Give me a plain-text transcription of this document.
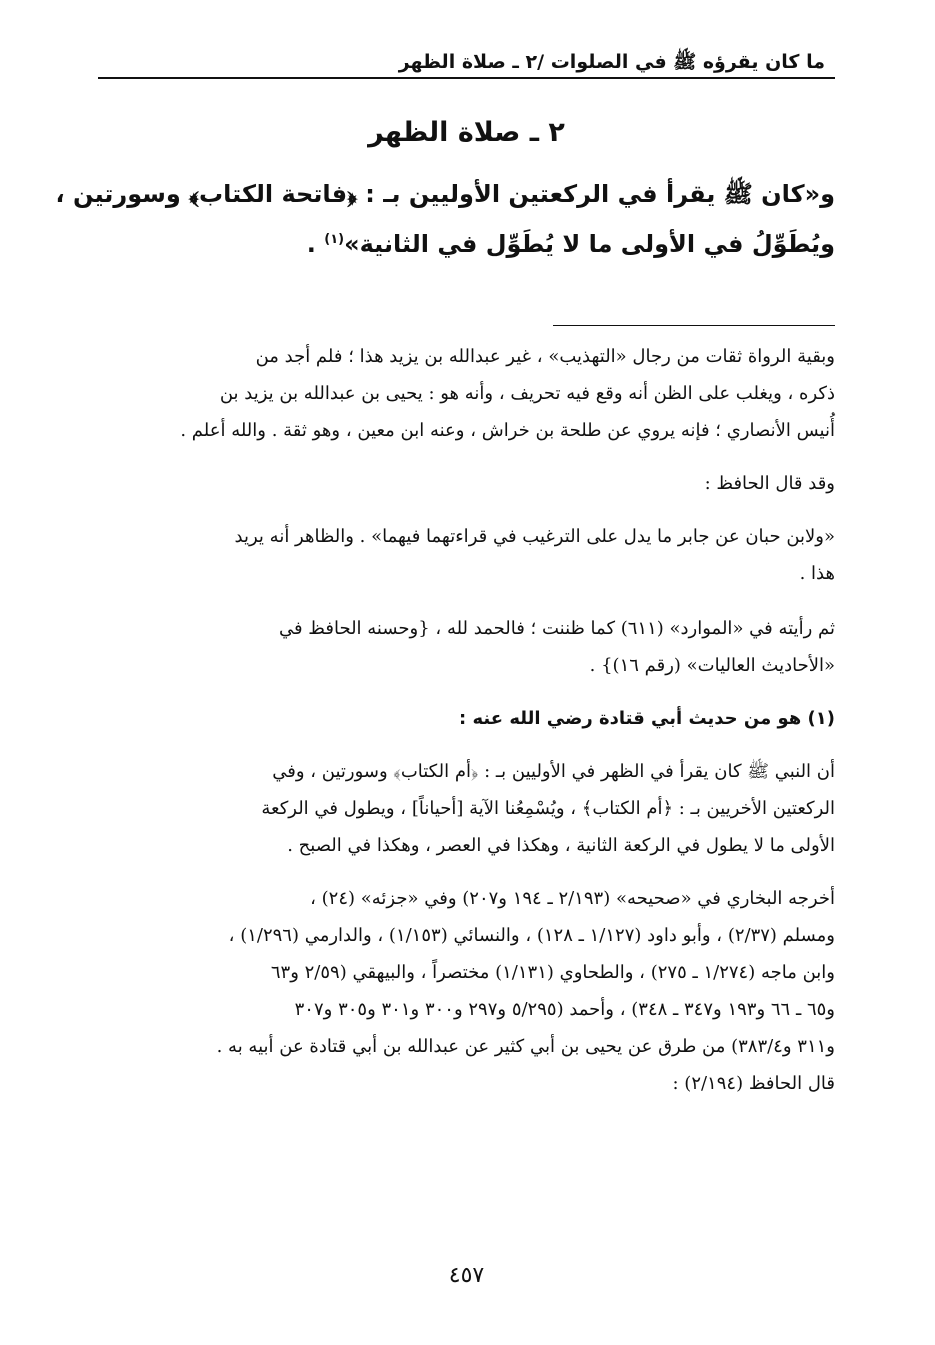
ما كان يقرؤه ﷺ في الصلوات /٢ ـ صلاة الظهر
٢ ـ صلاة الظهر
و«كان ﷺ يقرأ في الركعتين الأوليين بـ : ﴿فاتحة الكتاب﴾ وسورتين ،
ويُطَوِّلُ في الأولى ما لا يُطَوِّل في الثانية»$^{(١)}$ .
وبقية الرواة ثقات من رجال «التهذيب» ، غير عبدالله بن يزيد هذا ؛ فلم أجد من
ذكره ، ويغلب على الظن أنه وقع فيه تحريف ، وأنه هو : يحيى بن عبدالله بن يزيد بن
أُنيس الأنصاري ؛ فإنه يروي عن طلحة بن خراش ، وعنه ابن معين ، وهو ثقة . والله أعلم .
وقد قال الحافظ :
«ولابن حبان عن جابر ما يدل على الترغيب في قراءتهما فيهما» . والظاهر أنه يريد
هذا .
ثم رأيته في «الموارد» (٦١١) كما ظننت ؛ فالحمد لله ، {وحسنه الحافظ في
«الأحاديث العاليات» (رقم ١٦)} .
(١) هو من حديث أبي قتادة رضي الله عنه :
أن النبي ﷺ كان يقرأ في الظهر في الأوليين بـ : ﴿أم الكتاب﴾ وسورتين ، وفي
الركعتين الأخريين بـ : ﴿أم الكتاب﴾ ، ويُسْمِعُنا الآية [أحياناً] ، ويطول في الركعة
الأولى ما لا يطول في الركعة الثانية ، وهكذا في العصر ، وهكذا في الصبح .
أخرجه البخاري في «صحيحه» (٢/١٩٣ ـ ١٩٤ و٢٠٧) وفي «جزئه» (٢٤) ،
ومسلم (٢/٣٧) ، وأبو داود (١/١٢٧ ـ ١٢٨) ، والنسائي (١/١٥٣) ، والدارمي (١/٢٩٦) ،
وابن ماجه (١/٢٧٤ ـ ٢٧٥) ، والطحاوي (١/١٣١) مختصراً ، والبيهقي (٢/٥٩ و٦٣
و٦٥ ـ ٦٦ و١٩٣ و٣٤٧ ـ ٣٤٨) ، وأحمد (٥/٢٩٥ و٢٩٧ و٣٠٠ و٣٠١ و٣٠٥ و٣٠٧
و٣١١ و٣٨٣/٤) من طرق عن يحيى بن أبي كثير عن عبدالله بن أبي قتادة عن أبيه به .
قال الحافظ (٢/١٩٤) :
٤٥٧
